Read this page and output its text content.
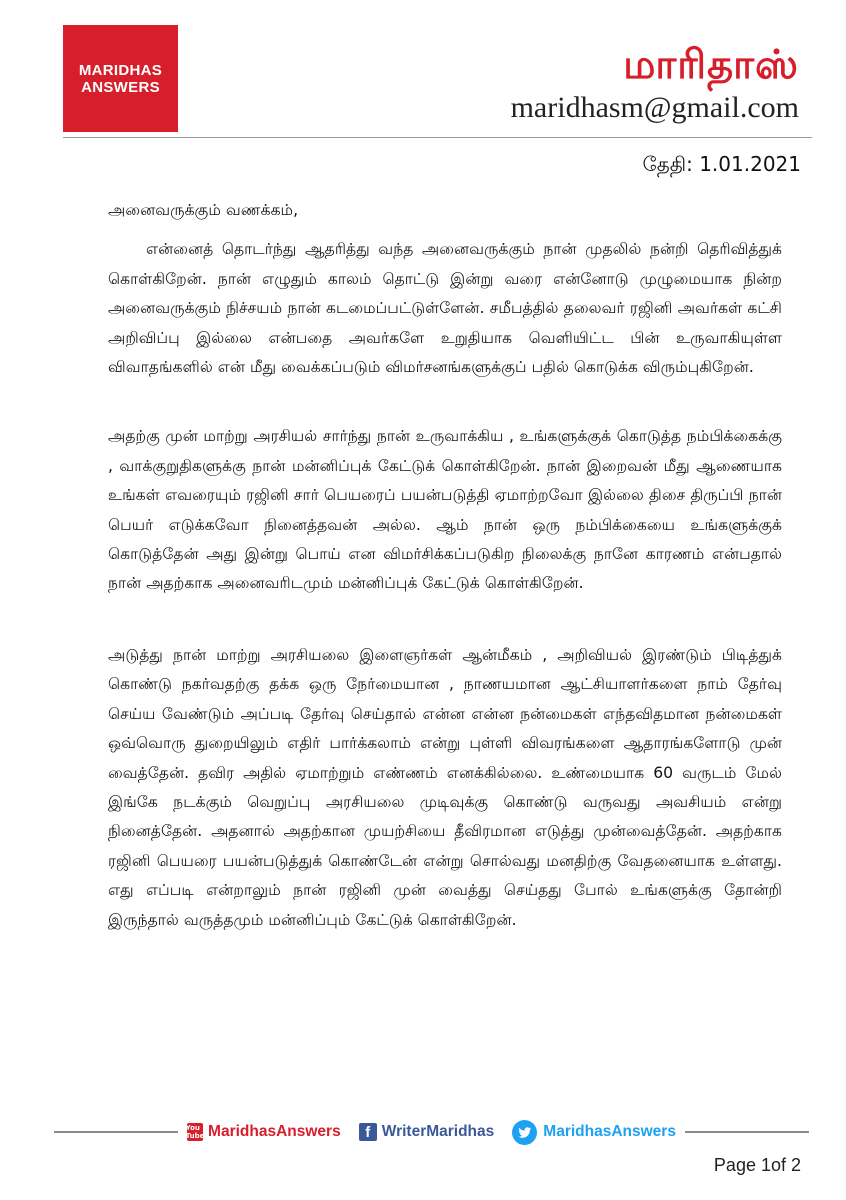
MARIDHAS
ANSWERS	மாரிதாஸ்
maridhasm@gmail.com
தேதி: 1.01.2021

அனைவருக்கும் வணக்கம்,

என்னைத் தொடர்ந்து ஆதரித்து வந்த அனைவருக்கும் நான் முதலில் நன்றி தெரிவித்துக் கொள்கிறேன். நான் எழுதும் காலம் தொட்டு இன்று வரை என்னோடு முழுமையாக நின்ற அனைவருக்கும் நிச்சயம் நான் கடமைப்பட்டுள்ளேன். சமீபத்தில் தலைவர் ரஜினி அவர்கள் கட்சி அறிவிப்பு இல்லை என்பதை அவர்களே உறுதியாக வெளியிட்ட பின் உருவாகியுள்ள விவாதங்களில் என் மீது வைக்கப்படும் விமர்சனங்களுக்குப் பதில் கொடுக்க விரும்புகிறேன்.

அதற்கு முன் மாற்று அரசியல் சார்ந்து நான் உருவாக்கிய , உங்களுக்குக் கொடுத்த நம்பிக்கைக்கு , வாக்குறுதிகளுக்கு நான் மன்னிப்புக் கேட்டுக் கொள்கிறேன். நான் இறைவன் மீது ஆணையாக உங்கள் எவரையும் ரஜினி சார் பெயரைப் பயன்படுத்தி ஏமாற்றவோ இல்லை திசை திருப்பி நான் பெயர் எடுக்கவோ நினைத்தவன் அல்ல. ஆம் நான் ஒரு நம்பிக்கையை உங்களுக்குக் கொடுத்தேன் அது இன்று பொய் என விமர்சிக்கப்படுகிற நிலைக்கு நானே காரணம் என்பதால் நான் அதற்காக அனைவரிடமும் மன்னிப்புக் கேட்டுக் கொள்கிறேன்.

அடுத்து நான் மாற்று அரசியலை இளைஞர்கள் ஆன்மீகம் , அறிவியல் இரண்டும் பிடித்துக் கொண்டு நகர்வதற்கு தக்க ஒரு நேர்மையான , நாணயமான ஆட்சியாளர்களை நாம் தேர்வு செய்ய வேண்டும் அப்படி தேர்வு செய்தால் என்ன என்ன நன்மைகள் எந்தவிதமான நன்மைகள் ஒவ்வொரு துறையிலும் எதிர் பார்க்கலாம் என்று புள்ளி விவரங்களை ஆதாரங்களோடு முன் வைத்தேன். தவிர அதில் ஏமாற்றும் எண்ணம் எனக்கில்லை. உண்மையாக 60 வருடம் மேல் இங்கே நடக்கும் வெறுப்பு அரசியலை முடிவுக்கு கொண்டு வருவது அவசியம் என்று நினைத்தேன். அதனால் அதற்கான முயற்சியை தீவிரமான எடுத்து முன்வைத்தேன். அதற்காக ரஜினி பெயரை பயன்படுத்துக் கொண்டேன் என்று சொல்வது மனதிற்கு வேதனையாக உள்ளது. எது எப்படி என்றாலும் நான் ரஜினி முன் வைத்து செய்தது போல் உங்களுக்கு தோன்றி இருந்தால் வருத்தமும் மன்னிப்பும் கேட்டுக் கொள்கிறேன்.

You Tube MaridhasAnswers f WriterMaridhas	MaridhasAnswers
Page 1of 2
